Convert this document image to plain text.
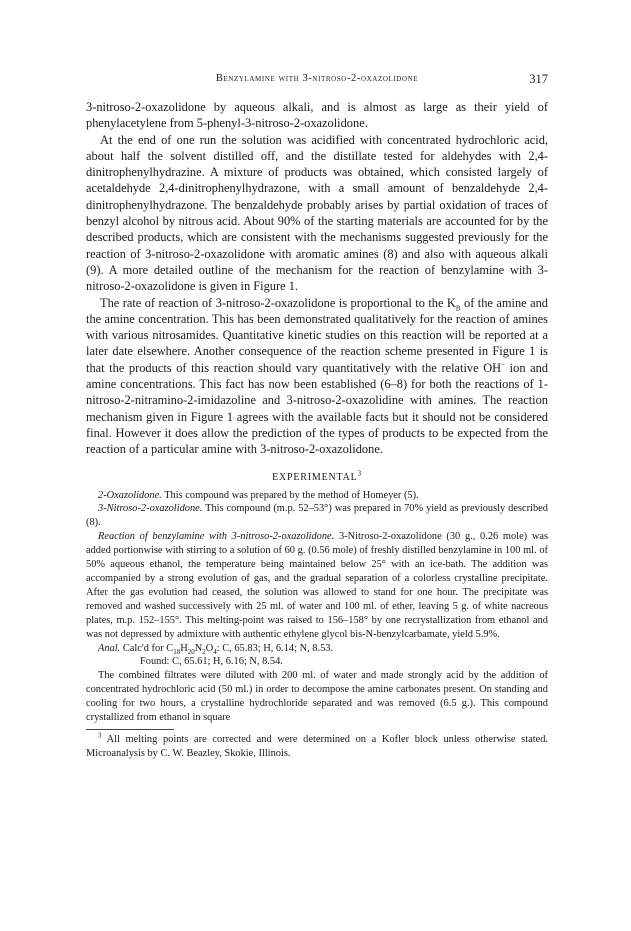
Benzylamine with 3-nitroso-2-oxazolidone	317

3-nitroso-2-oxazolidone by aqueous alkali, and is almost as large as their yield of phenylacetylene from 5-phenyl-3-nitroso-2-oxazolidone.

At the end of one run the solution was acidified with concentrated hydrochloric acid, about half the solvent distilled off, and the distillate tested for aldehydes with 2,4-dinitrophenylhydrazine. A mixture of products was obtained, which consisted largely of acetaldehyde 2,4-dinitrophenylhydrazone, with a small amount of benzaldehyde 2,4-dinitrophenylhydrazone. The benzaldehyde probably arises by partial oxidation of traces of benzyl alcohol by nitrous acid. About 90% of the starting materials are accounted for by the described products, which are consistent with the mechanisms suggested previously for the reaction of 3-nitroso-2-oxazolidone with aromatic amines (8) and also with aqueous alkali (9). A more detailed outline of the mechanism for the reaction of benzylamine with 3-nitroso-2-oxazolidone is given in Figure 1.

The rate of reaction of 3-nitroso-2-oxazolidone is proportional to the $K_B$ of the amine and the amine concentration. This has been demonstrated qualitatively for the reaction of amines with various nitrosamides. Quantitative kinetic studies on this reaction will be reported at a later date elsewhere. Another consequence of the reaction scheme presented in Figure 1 is that the products of this reaction should vary quantitatively with the relative OH− ion and amine concentrations. This fact has now been established (6–8) for both the reactions of 1-nitroso-2-nitramino-2-imidazoline and 3-nitroso-2-oxazolidine with amines. The reaction mechanism given in Figure 1 agrees with the available facts but it should not be considered final. However it does allow the prediction of the types of products to be expected from the reaction of a particular amine with 3-nitroso-2-oxazolidone.

EXPERIMENTAL$^3$

2-Oxazolidone. This compound was prepared by the method of Homeyer (5).

3-Nitroso-2-oxazolidone. This compound (m.p. 52–53°) was prepared in 70% yield as previously described (8).

Reaction of benzylamine with 3-nitroso-2-oxazolidone. 3-Nitroso-2-oxazolidone (30 g., 0.26 mole) was added portionwise with stirring to a solution of 60 g. (0.56 mole) of freshly distilled benzylamine in 100 ml. of 50% aqueous ethanol, the temperature being maintained below 25° with an ice-bath. The addition was accompanied by a strong evolution of gas, and the gradual separation of a colorless crystalline precipitate. After the gas evolution had ceased, the solution was allowed to stand for one hour. The precipitate was removed and washed successively with 25 ml. of water and 100 ml. of ether, leaving 5 g. of white nacreous plates, m.p. 152–155°. This melting-point was raised to 156–158° by one recrystallization from ethanol and was not depressed by admixture with authentic ethylene glycol bis-N-benzylcarbamate, yield 5.9%.

Anal. Calc'd for $C_{18}H_{20}N_2O_4$: C, 65.83; H, 6.14; N, 8.53.

Found: C, 65.61; H, 6.16; N, 8.54.

The combined filtrates were diluted with 200 ml. of water and made strongly acid by the addition of concentrated hydrochloric acid (50 ml.) in order to decompose the amine carbonates present. On standing and cooling for two hours, a crystalline hydrochloride separated and was removed (6.5 g.). This compound crystallized from ethanol in square

$^3$ All melting points are corrected and were determined on a Kofler block unless otherwise stated. Microanalysis by C. W. Beazley, Skokie, Illinois.
